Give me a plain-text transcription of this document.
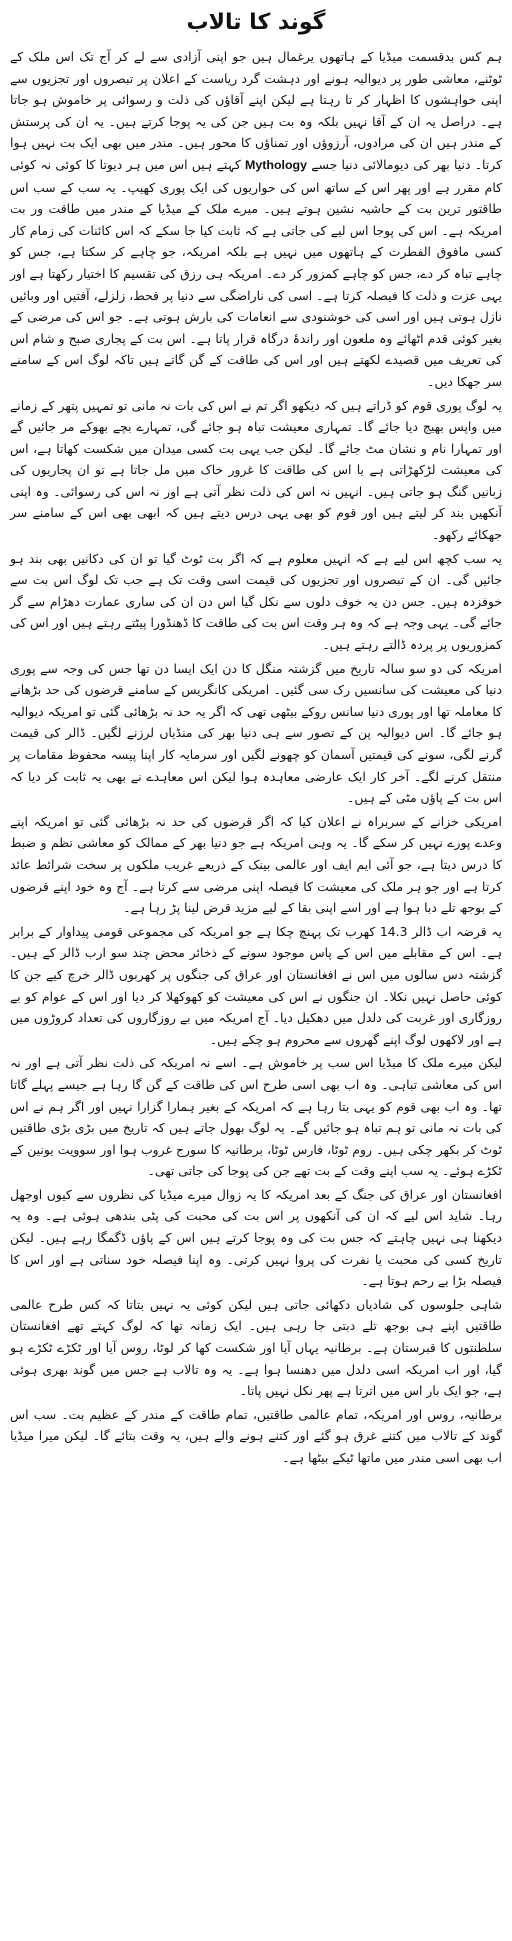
گوند کا تالاب

ہم کس بدقسمت میڈیا کے ہاتھوں یرغمال ہیں جو اپنی آزادی سے لے کر آج تک اس ملک کے ٹوٹنے، معاشی طور پر دیوالیہ ہونے اور دہشت گرد ریاست کے اعلان پر تبصروں اور تجزیوں سے اپنی خواہشوں کا اظہار کر تا رہتا ہے لیکن اپنے آقاؤں کی ذلت و رسوائی پر خاموش ہو جاتا ہے۔ دراصل یہ ان کے آقا نہیں بلکہ وہ بت ہیں جن کی یہ پوجا کرتے ہیں۔ یہ ان کی پرستش کے مندر ہیں ان کی مرادوں، آرزوؤں اور تمناؤں کا محور ہیں۔ مندر میں بھی ایک بت نہیں ہوا کرتا۔ دنیا بھر کی دیومالائی دنیا جسے Mythology کہتے ہیں اس میں ہر دیوتا کا کوئی نہ کوئی کام مقرر ہے اور پھر اس کے ساتھ اس کی حواریوں کی ایک پوری کھیپ۔ یہ سب کے سب اس طاقتور ترین بت کے حاشیہ نشین ہوتے ہیں۔ میرے ملک کے میڈیا کے مندر میں طاقت ور بت امریکہ ہے۔ اس کی پوجا اس لیے کی جاتی ہے کہ ثابت کیا جا سکے کہ اس کائنات کی زمام کار کسی مافوق الفطرت کے ہاتھوں میں نہیں ہے بلکہ امریکہ، جو چاہے کر سکتا ہے، جس کو چاہے تباہ کر دے، جس کو چاہے کمزور کر دے۔ امریکہ ہی رزق کی تقسیم کا اختیار رکھتا ہے اور یہی عزت و ذلت کا فیصلہ کرتا ہے۔ اسی کی ناراضگی سے دنیا پر قحط، زلزلے، آفتیں اور وبائیں نازل ہوتی ہیں اور اسی کی خوشنودی سے انعامات کی بارش ہوتی ہے۔ جو اس کی مرضی کے بغیر کوئی قدم اٹھائے وہ ملعون اور راندۂ درگاہ قرار پاتا ہے۔ اس بت کے پجاری صبح و شام اس کی تعریف میں قصیدے لکھتے ہیں اور اس کی طاقت کے گن گاتے ہیں تاکہ لوگ اس کے سامنے سر جھکا دیں۔

یہ لوگ پوری قوم کو ڈراتے ہیں کہ دیکھو اگر تم نے اس کی بات نہ مانی تو تمہیں پتھر کے زمانے میں واپس بھیج دیا جائے گا۔ تمہاری معیشت تباہ ہو جائے گی، تمہارے بچے بھوکے مر جائیں گے اور تمہارا نام و نشان مٹ جائے گا۔ لیکن جب یہی بت کسی میدان میں شکست کھاتا ہے، اس کی معیشت لڑکھڑاتی ہے یا اس کی طاقت کا غرور خاک میں مل جاتا ہے تو ان پجاریوں کی زبانیں گنگ ہو جاتی ہیں۔ انہیں نہ اس کی ذلت نظر آتی ہے اور نہ اس کی رسوائی۔ وہ اپنی آنکھیں بند کر لیتے ہیں اور قوم کو بھی یہی درس دیتے ہیں کہ ابھی بھی اس کے سامنے سر جھکائے رکھو۔

یہ سب کچھ اس لیے ہے کہ انہیں معلوم ہے کہ اگر بت ٹوٹ گیا تو ان کی دکانیں بھی بند ہو جائیں گی۔ ان کے تبصروں اور تجزیوں کی قیمت اسی وقت تک ہے جب تک لوگ اس بت سے خوفزدہ ہیں۔ جس دن یہ خوف دلوں سے نکل گیا اس دن ان کی ساری عمارت دھڑام سے گر جائے گی۔ یہی وجہ ہے کہ وہ ہر وقت اس بت کی طاقت کا ڈھنڈورا پیٹتے رہتے ہیں اور اس کی کمزوریوں پر پردہ ڈالتے رہتے ہیں۔

امریکہ کی دو سو سالہ تاریخ میں گزشتہ منگل کا دن ایک ایسا دن تھا جس کی وجہ سے پوری دنیا کی معیشت کی سانسیں رک سی گئیں۔ امریکی کانگریس کے سامنے قرضوں کی حد بڑھانے کا معاملہ تھا اور پوری دنیا سانس روکے بیٹھی تھی کہ اگر یہ حد نہ بڑھائی گئی تو امریکہ دیوالیہ ہو جائے گا۔ اس دیوالیہ پن کے تصور سے ہی دنیا بھر کی منڈیاں لرزنے لگیں۔ ڈالر کی قیمت گرنے لگی، سونے کی قیمتیں آسمان کو چھونے لگیں اور سرمایہ کار اپنا پیسہ محفوظ مقامات پر منتقل کرنے لگے۔ آخر کار ایک عارضی معاہدہ ہوا لیکن اس معاہدے نے بھی یہ ثابت کر دیا کہ اس بت کے پاؤں مٹی کے ہیں۔

امریکی خزانے کے سربراہ نے اعلان کیا کہ اگر قرضوں کی حد نہ بڑھائی گئی تو امریکہ اپنے وعدے پورے نہیں کر سکے گا۔ یہ وہی امریکہ ہے جو دنیا بھر کے ممالک کو معاشی نظم و ضبط کا درس دیتا ہے، جو آئی ایم ایف اور عالمی بینک کے ذریعے غریب ملکوں پر سخت شرائط عائد کرتا ہے اور جو ہر ملک کی معیشت کا فیصلہ اپنی مرضی سے کرتا ہے۔ آج وہ خود اپنے قرضوں کے بوجھ تلے دبا ہوا ہے اور اسے اپنی بقا کے لیے مزید قرض لینا پڑ رہا ہے۔

یہ قرضہ اب ڈالر 14.3 کھرب تک پہنچ چکا ہے جو امریکہ کی مجموعی قومی پیداوار کے برابر ہے۔ اس کے مقابلے میں اس کے پاس موجود سونے کے ذخائر محض چند سو ارب ڈالر کے ہیں۔ گزشتہ دس سالوں میں اس نے افغانستان اور عراق کی جنگوں پر کھربوں ڈالر خرچ کیے جن کا کوئی حاصل نہیں نکلا۔ ان جنگوں نے اس کی معیشت کو کھوکھلا کر دیا اور اس کے عوام کو بے روزگاری اور غربت کی دلدل میں دھکیل دیا۔ آج امریکہ میں بے روزگاروں کی تعداد کروڑوں میں ہے اور لاکھوں لوگ اپنے گھروں سے محروم ہو چکے ہیں۔

لیکن میرے ملک کا میڈیا اس سب پر خاموش ہے۔ اسے نہ امریکہ کی ذلت نظر آتی ہے اور نہ اس کی معاشی تباہی۔ وہ اب بھی اسی طرح اس کی طاقت کے گن گا رہا ہے جیسے پہلے گاتا تھا۔ وہ اب بھی قوم کو یہی بتا رہا ہے کہ امریکہ کے بغیر ہمارا گزارا نہیں اور اگر ہم نے اس کی بات نہ مانی تو ہم تباہ ہو جائیں گے۔ یہ لوگ بھول جاتے ہیں کہ تاریخ میں بڑی بڑی طاقتیں ٹوٹ کر بکھر چکی ہیں۔ روم ٹوٹا، فارس ٹوٹا، برطانیہ کا سورج غروب ہوا اور سوویت یونین کے ٹکڑے ہوئے۔ یہ سب اپنے وقت کے بت تھے جن کی پوجا کی جاتی تھی۔

افغانستان اور عراق کی جنگ کے بعد امریکہ کا یہ زوال میرے میڈیا کی نظروں سے کیوں اوجھل رہا۔ شاید اس لیے کہ ان کی آنکھوں پر اس بت کی محبت کی پٹی بندھی ہوئی ہے۔ وہ یہ دیکھنا ہی نہیں چاہتے کہ جس بت کی وہ پوجا کرتے ہیں اس کے پاؤں ڈگمگا رہے ہیں۔ لیکن تاریخ کسی کی محبت یا نفرت کی پروا نہیں کرتی۔ وہ اپنا فیصلہ خود سناتی ہے اور اس کا فیصلہ بڑا بے رحم ہوتا ہے۔

شاہی جلوسوں کی شادیاں دکھائی جاتی ہیں لیکن کوئی یہ نہیں بتاتا کہ کس طرح عالمی طاقتیں اپنے ہی بوجھ تلے دبتی جا رہی ہیں۔ ایک زمانہ تھا کہ لوگ کہتے تھے افغانستان سلطنتوں کا قبرستان ہے۔ برطانیہ یہاں آیا اور شکست کھا کر لوٹا، روس آیا اور ٹکڑے ٹکڑے ہو گیا، اور اب امریکہ اسی دلدل میں دھنسا ہوا ہے۔ یہ وہ تالاب ہے جس میں گوند بھری ہوئی ہے، جو ایک بار اس میں اترتا ہے پھر نکل نہیں پاتا۔

برطانیہ، روس اور امریکہ، تمام عالمی طاقتیں، تمام طاقت کے مندر کے عظیم بت۔ سب اس گوند کے تالاب میں کتنے غرق ہو گئے اور کتنے ہونے والے ہیں، یہ وقت بتائے گا۔ لیکن میرا میڈیا اب بھی اسی مندر میں ماتھا ٹیکے بیٹھا ہے۔
